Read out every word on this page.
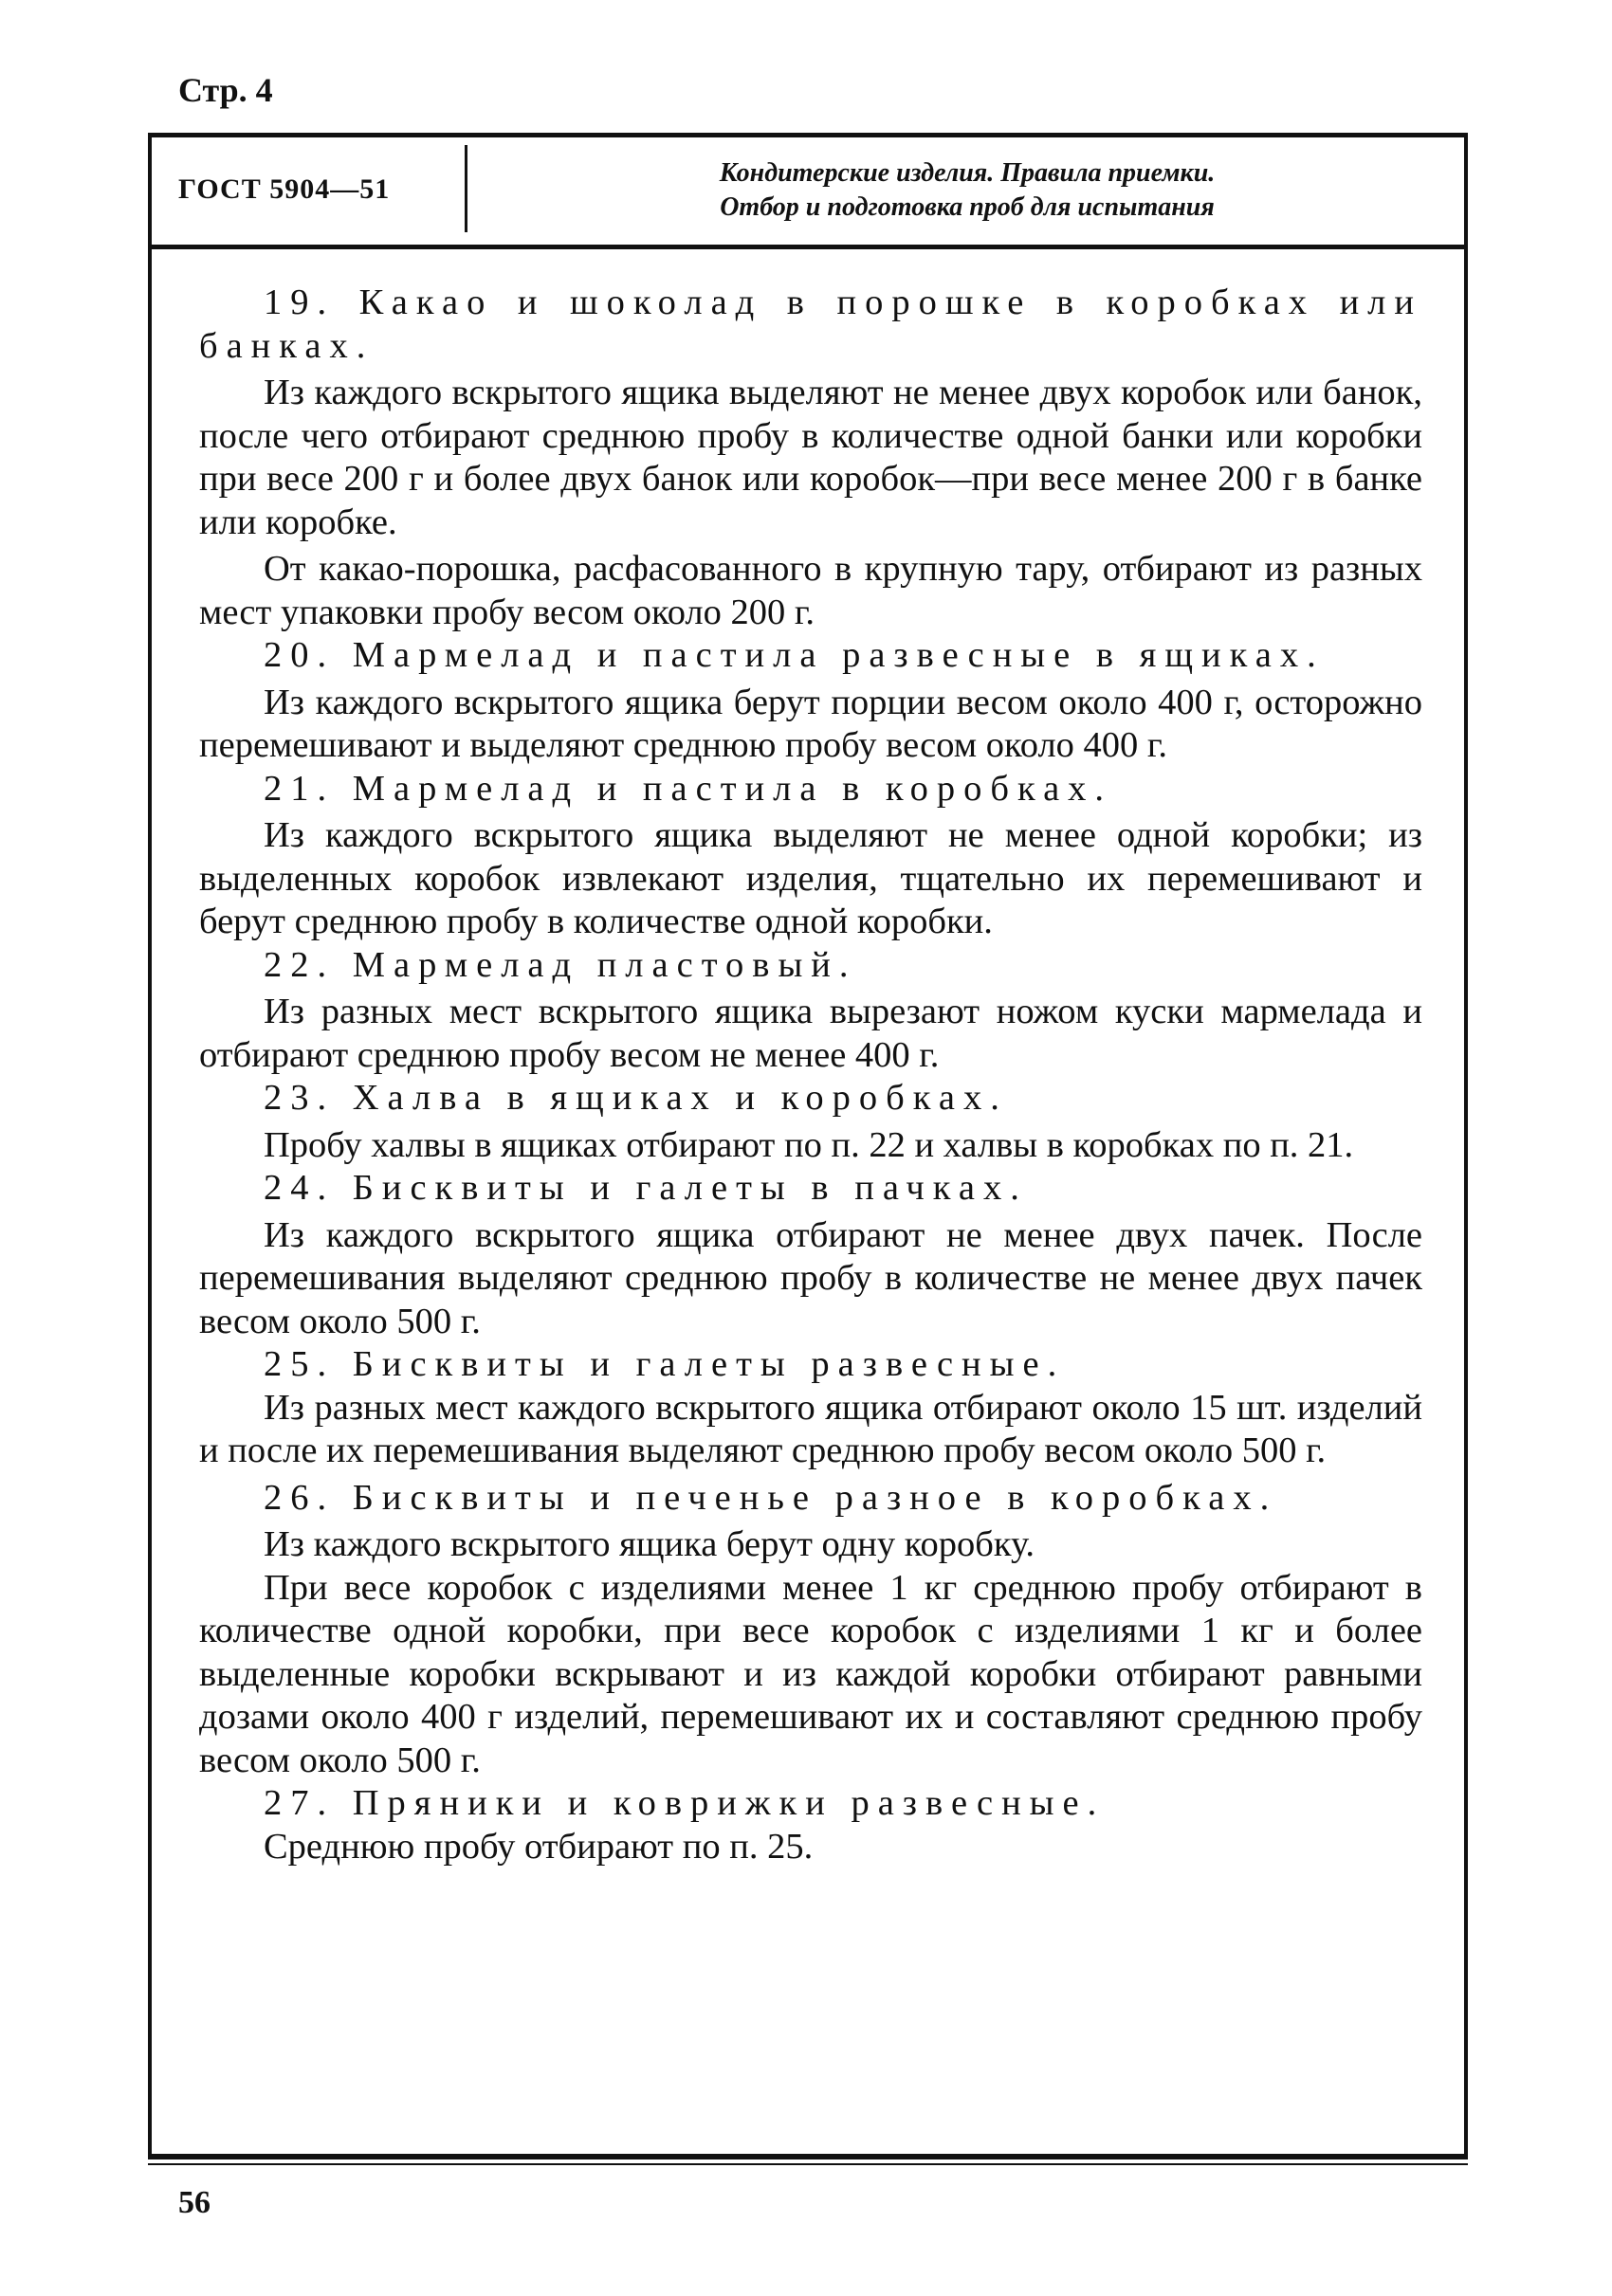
Стр. 4
ГОСТ 5904—51
Кондитерские изделия. Правила приемки.
Отбор и подготовка проб для испытания

19. Какао и шоколад в порошке в коробках или банках.

Из каждого вскрытого ящика выделяют не менее двух коробок или банок, после чего отбирают среднюю пробу в количестве одной банки или коробки при весе 200 г и более двух банок или коробок—при весе менее 200 г в банке или коробке.

От какао-порошка, расфасованного в крупную тару, отбирают из разных мест упаковки пробу весом около 200 г.

20. Мармелад и пастила развесные в ящиках.

Из каждого вскрытого ящика берут порции весом около 400 г, осторожно перемешивают и выделяют среднюю пробу весом около 400 г.

21. Мармелад и пастила в коробках.

Из каждого вскрытого ящика выделяют не менее одной коробки; из выделенных коробок извлекают изделия, тщательно их перемешивают и берут среднюю пробу в количестве одной коробки.

22. Мармелад пластовый.

Из разных мест вскрытого ящика вырезают ножом куски мармелада и отбирают среднюю пробу весом не менее 400 г.

23. Халва в ящиках и коробках.

Пробу халвы в ящиках отбирают по п. 22 и халвы в коробках по п. 21.

24. Бисквиты и галеты в пачках.

Из каждого вскрытого ящика отбирают не менее двух пачек. После перемешивания выделяют среднюю пробу в количестве не менее двух пачек весом около 500 г.

25. Бисквиты и галеты развесные.

Из разных мест каждого вскрытого ящика отбирают около 15 шт. изделий и после их перемешивания выделяют среднюю пробу весом около 500 г.

26. Бисквиты и печенье разное в коробках.

Из каждого вскрытого ящика берут одну коробку.

При весе коробок с изделиями менее 1 кг среднюю пробу отбирают в количестве одной коробки, при весе коробок с изделиями 1 кг и более выделенные коробки вскрывают и из каждой коробки отбирают равными дозами около 400 г изделий, перемешивают их и составляют среднюю пробу весом около 500 г.

27. Пряники и коврижки развесные.

Среднюю пробу отбирают по п. 25.

56
